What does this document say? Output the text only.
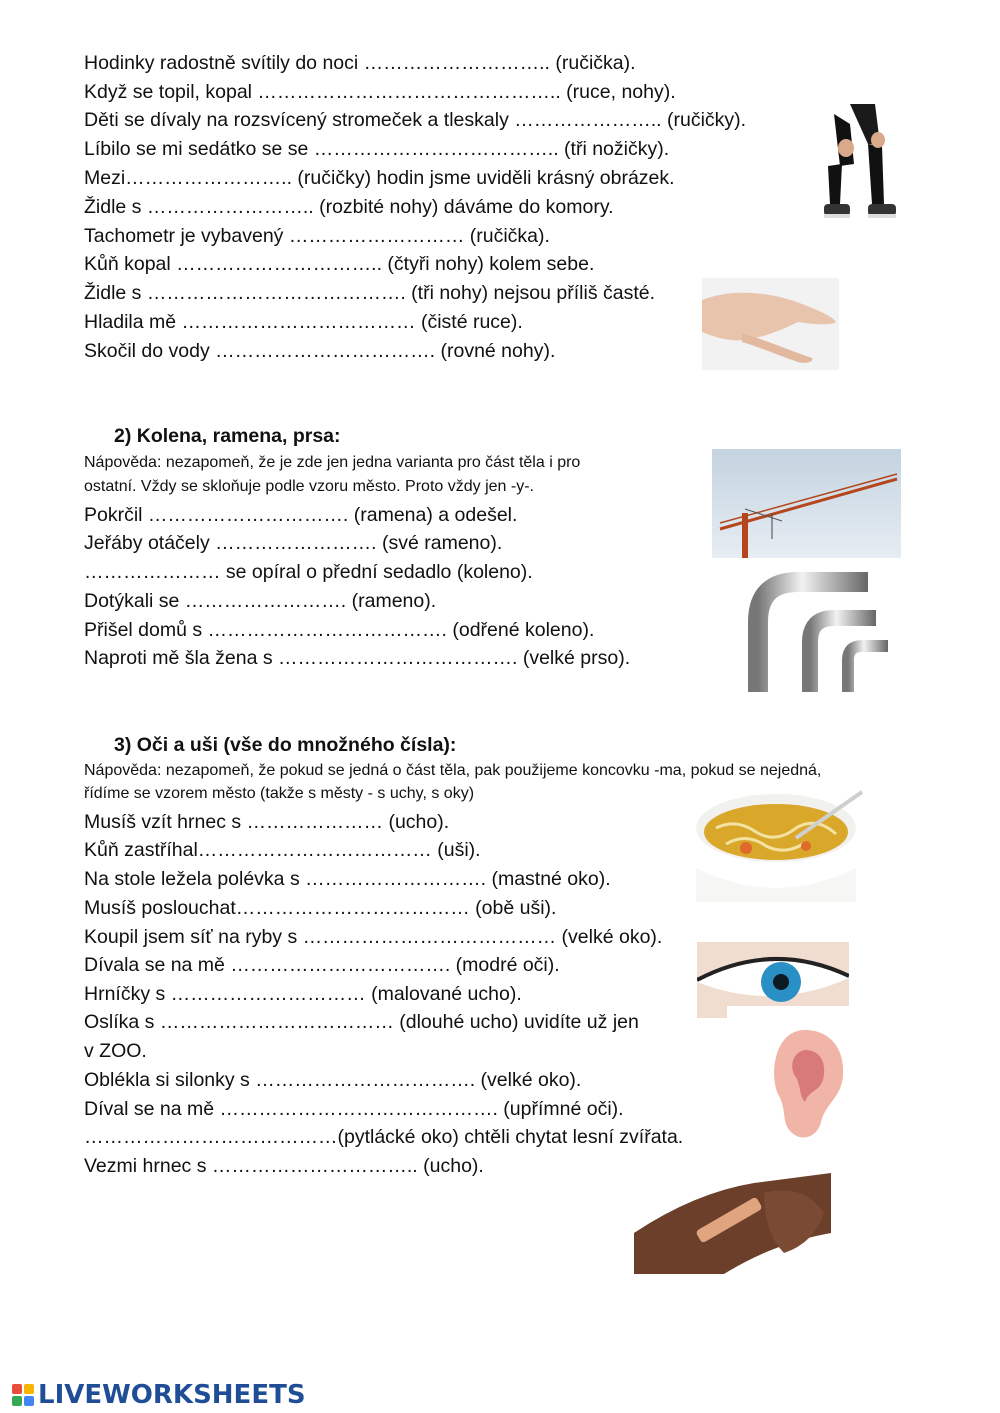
Hodinky radostně svítily do noci ……………………….. (ručička).
Když se topil, kopal ……………………………………….. (ruce, nohy).
Děti se dívaly na rozsvícený stromeček a tleskaly ………………….. (ručičky).
Líbilo se mi sedátko se se ……………………………….. (tři nožičky).
Mezi…………………….. (ručičky) hodin jsme uviděli krásný obrázek.
Židle s …………………….. (rozbité nohy) dáváme do komory.
Tachometr je vybavený ……………………… (ručička).
Kůň kopal ………………………….. (čtyři nohy) kolem sebe.
Židle s …………………………………. (tři nohy) nejsou příliš časté.
Hladila mě ……………………………… (čisté ruce).
Skočil do vody ……………………………. (rovné nohy).
2) Kolena, ramena, prsa:
Nápověda: nezapomeň, že je zde jen jedna varianta pro část těla i pro
ostatní. Vždy se skloňuje podle vzoru město. Proto vždy jen -y-.
Pokrčil …………………………. (ramena) a odešel.
Jeřáby otáčely ……………………. (své rameno).
………………… se opíral o přední sedadlo (koleno).
Dotýkali se ……………………. (rameno).
Přišel domů s ………………………………. (odřené koleno).
Naproti mě šla žena s ………………………………. (velké prso).
3) Oči a uši (vše do množného čísla):
Nápověda: nezapomeň, že pokud se jedná o část těla, pak použijeme koncovku -ma, pokud se nejedná,
řídíme se vzorem město (takže s městy - s uchy, s oky)
Musíš vzít hrnec s ………………… (ucho).
Kůň zastříhal……………………………… (uši).
Na stole ležela polévka s ………………………. (mastné oko).
Musíš poslouchat……………………………… (obě uši).
Koupil jsem síť na ryby s ………………………………… (velké oko).
Dívala se na mě ……………………………. (modré oči).
Hrníčky s ………………………… (malované ucho).
Oslíka s ……………………………… (dlouhé ucho) uvidíte už jen
v ZOO.
Oblékla si silonky s ……………………………. (velké oko).
Díval se na mě ……………………………………. (upřímné oči).
…………………………………(pytlácké oko) chtěli chytat lesní zvířata.
Vezmi hrnec s ………………………….. (ucho).
LIVEWORKSHEETS
